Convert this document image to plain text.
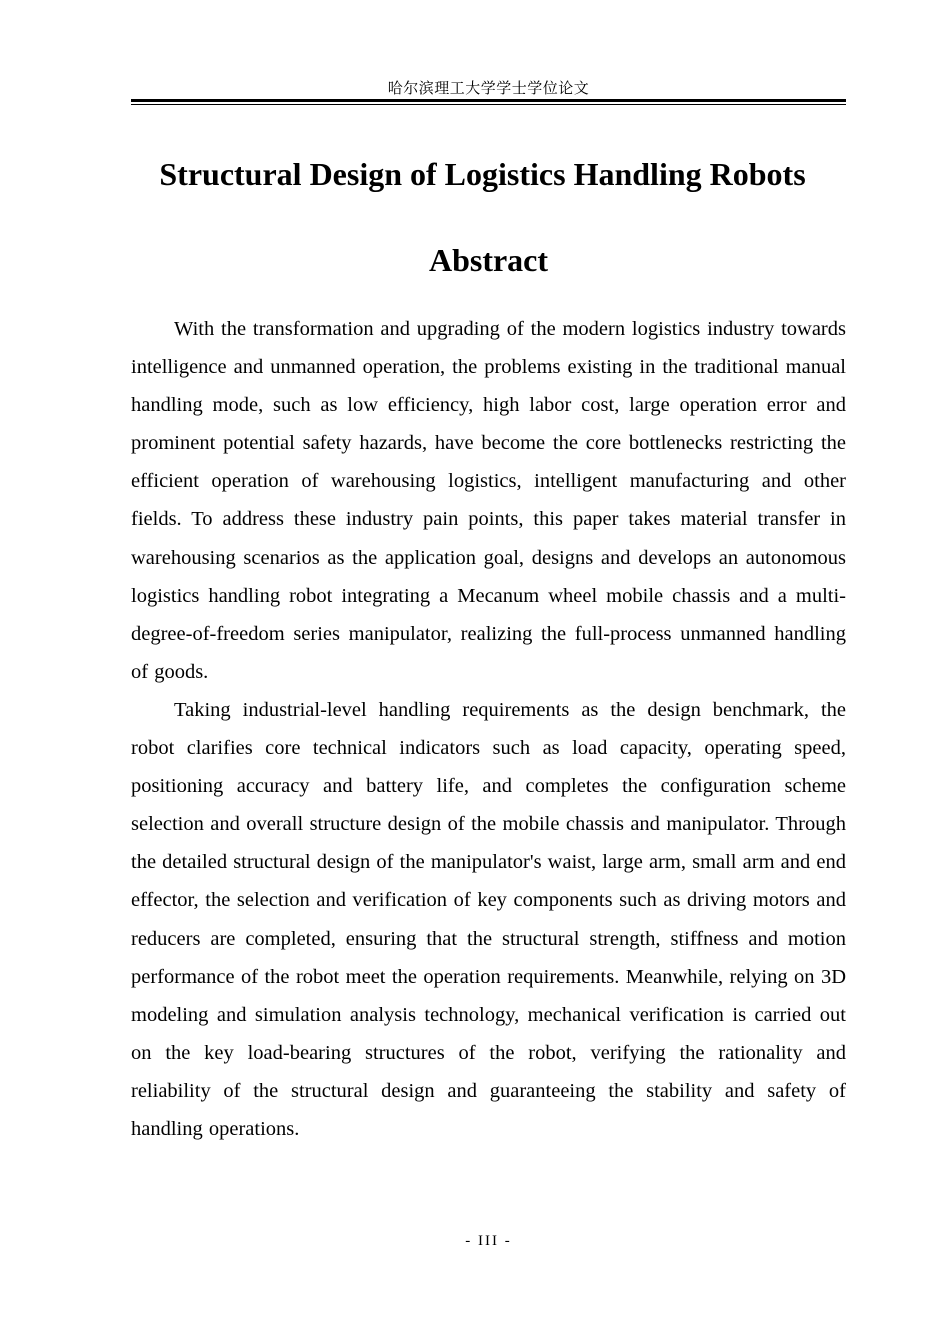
哈尔滨理工大学学士学位论文
Structural Design of Logistics Handling Robots
Abstract

With the transformation and upgrading of the modern logistics industry towards intelligence and unmanned operation, the problems existing in the traditional manual handling mode, such as low efficiency, high labor cost, large operation error and prominent potential safety hazards, have become the core bottlenecks restricting the efficient operation of warehousing logistics, intelligent manufacturing and other fields. To address these industry pain points, this paper takes material transfer in warehousing scenarios as the application goal, designs and develops an autonomous logistics handling robot integrating a Mecanum wheel mobile chassis and a multi-degree-of-freedom series manipulator, realizing the full-process unmanned handling of goods.

Taking industrial-level handling requirements as the design benchmark, the robot clarifies core technical indicators such as load capacity, operating speed, positioning accuracy and battery life, and completes the configuration scheme selection and overall structure design of the mobile chassis and manipulator. Through the detailed structural design of the manipulator's waist, large arm, small arm and end effector, the selection and verification of key components such as driving motors and reducers are completed, ensuring that the structural strength, stiffness and motion performance of the robot meet the operation requirements. Meanwhile, relying on 3D modeling and simulation analysis technology, mechanical verification is carried out on the key load-bearing structures of the robot, verifying the rationality and reliability of the structural design and guaranteeing the stability and safety of handling operations.

- III -
